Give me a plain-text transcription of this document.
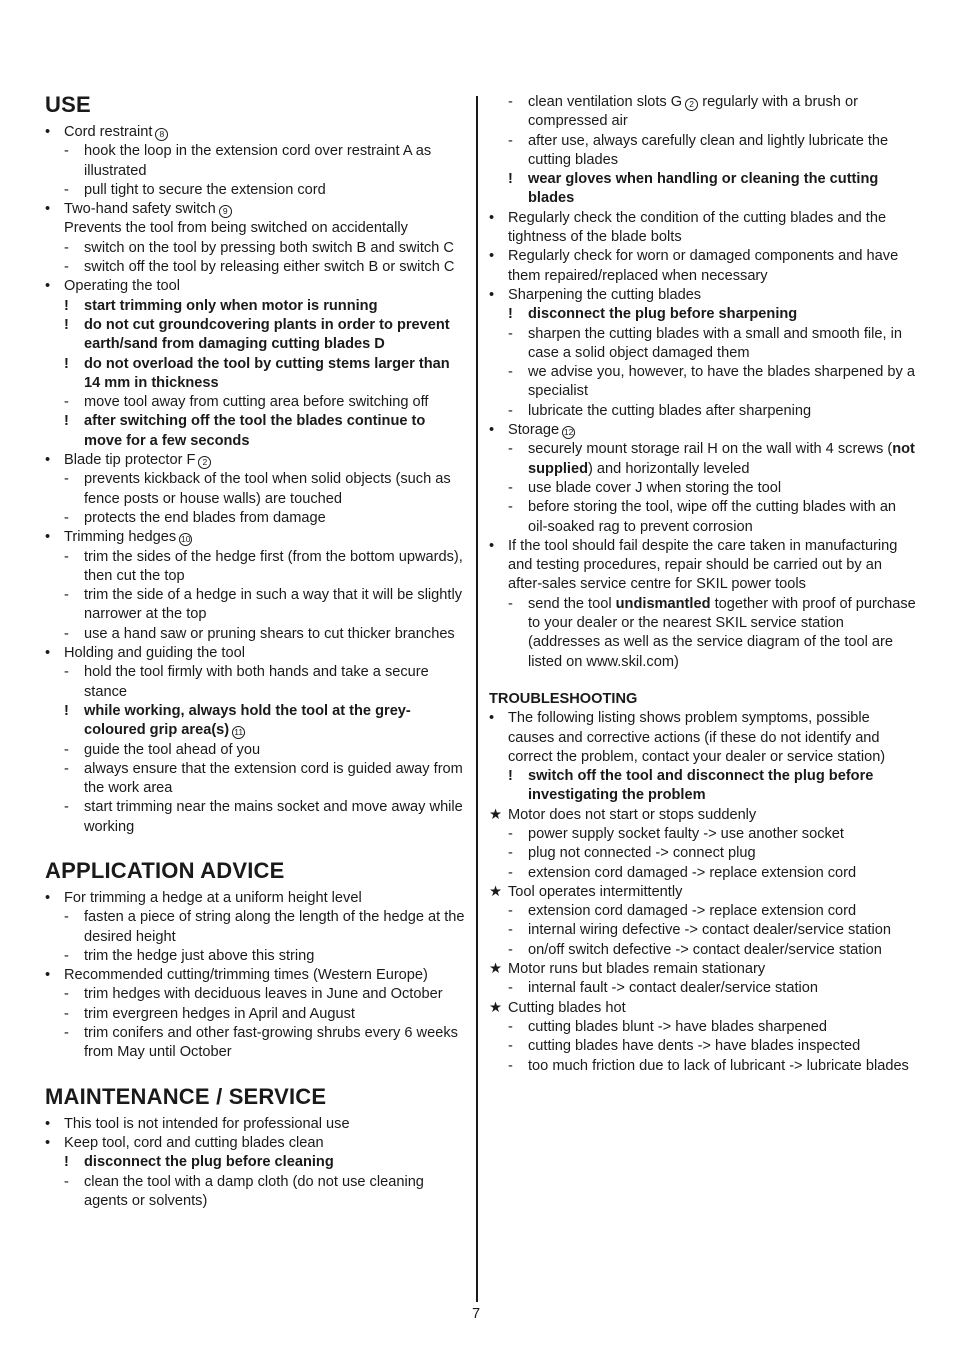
USE
• Cord restraint 8
-	hook the loop in the extension cord over restraint A as illustrated
-	pull tight to secure the extension cord
• Two-hand safety switch 9
Prevents the tool from being switched on accidentally
-	switch on the tool by pressing both switch B and switch C
-	switch off the tool by releasing either switch B or switch C
• Operating the tool
!	start trimming only when motor is running
!	do not cut groundcovering plants in order to prevent earth/sand from damaging cutting blades D
!	do not overload the tool by cutting stems larger than 14 mm in thickness
-	move tool away from cutting area before switching off
!	after switching off the tool the blades continue to move for a few seconds
• Blade tip protector F 2
-	prevents kickback of the tool when solid objects (such as fence posts or house walls) are touched
-	protects the end blades from damage
• Trimming hedges 10
-	trim the sides of the hedge first (from the bottom upwards), then cut the top
-	trim the side of a hedge in such a way that it will be slightly narrower at the top
-	use a hand saw or pruning shears to cut thicker branches
• Holding and guiding the tool
-	hold the tool firmly with both hands and take a secure stance
!	while working, always hold the tool at the grey-coloured grip area(s) 11
-	guide the tool ahead of you
-	always ensure that the extension cord is guided away from the work area
-	start trimming near the mains socket and move away while working
APPLICATION ADVICE
• For trimming a hedge at a uniform height level
-	fasten a piece of string along the length of the hedge at the desired height
-	trim the hedge just above this string
• Recommended cutting/trimming times (Western Europe)
-	trim hedges with deciduous leaves in June and October
-	trim evergreen hedges in April and August
-	trim conifers and other fast-growing shrubs every 6 weeks from May until October
MAINTENANCE / SERVICE
• This tool is not intended for professional use
• Keep tool, cord and cutting blades clean
!	disconnect the plug before cleaning
-	clean the tool with a damp cloth (do not use cleaning agents or solvents)
-	clean ventilation slots G 2 regularly with a brush or compressed air
-	after use, always carefully clean and lightly lubricate the cutting blades
!	wear gloves when handling or cleaning the cutting blades
• Regularly check the condition of the cutting blades and the tightness of the blade bolts
• Regularly check for worn or damaged components and have them repaired/replaced when necessary
• Sharpening the cutting blades
!	disconnect the plug before sharpening
-	sharpen the cutting blades with a small and smooth file, in case a solid object damaged them
-	we advise you, however, to have the blades sharpened by a specialist
-	lubricate the cutting blades after sharpening
• Storage 12
-	securely mount storage rail H on the wall with 4 screws (not supplied) and horizontally leveled
-	use blade cover J when storing the tool
-	before storing the tool, wipe off the cutting blades with an oil-soaked rag to prevent corrosion
• If the tool should fail despite the care taken in manufacturing and testing procedures, repair should be carried out by an after-sales service centre for SKIL power tools
-	send the tool undismantled together with proof of purchase to your dealer or the nearest SKIL service station (addresses as well as the service diagram of the tool are listed on www.skil.com)
TROUBLESHOOTING
• The following listing shows problem symptoms, possible causes and corrective actions (if these do not identify and correct the problem, contact your dealer or service station)
!	switch off the tool and disconnect the plug before investigating the problem
★ Motor does not start or stops suddenly
-	power supply socket faulty -> use another socket
-	plug not connected -> connect plug
-	extension cord damaged -> replace extension cord
★ Tool operates intermittently
-	extension cord damaged -> replace extension cord
-	internal wiring defective -> contact dealer/service station
-	on/off switch defective -> contact dealer/service station
★ Motor runs but blades remain stationary
-	internal fault -> contact dealer/service station
★ Cutting blades hot
-	cutting blades blunt -> have blades sharpened
-	cutting blades have dents -> have blades inspected
-	too much friction due to lack of lubricant -> lubricate blades
7
